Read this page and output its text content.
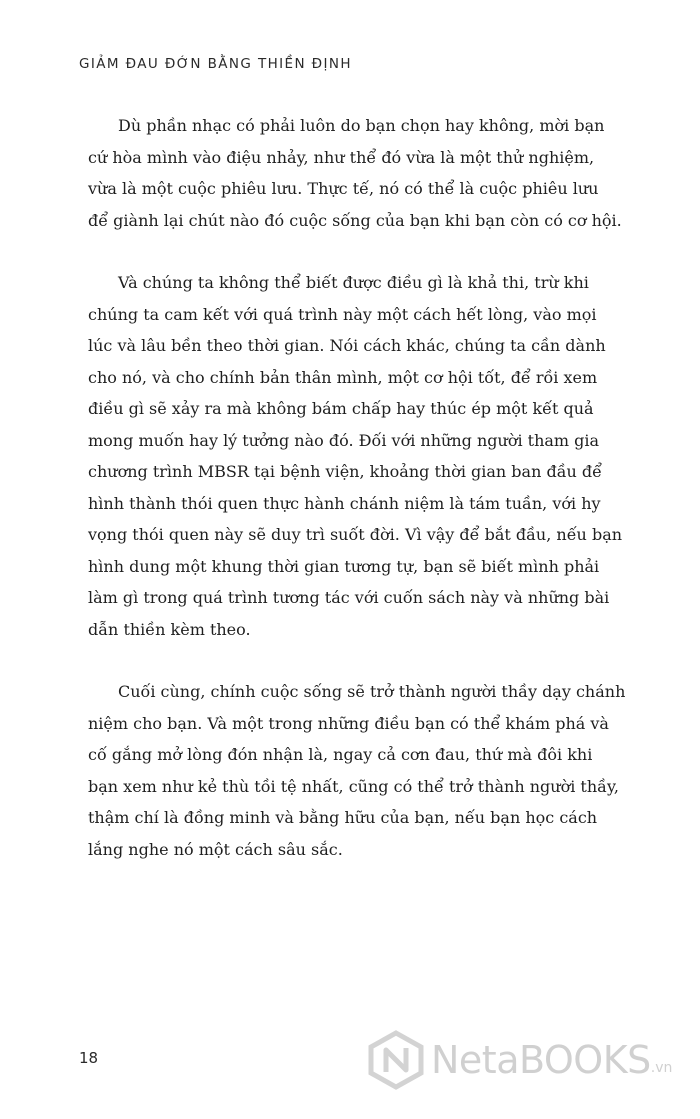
GIẢM ĐAU ĐỚN BẰNG THIỀN ĐỊNH

Dù phần nhạc có phải luôn do bạn chọn hay không, mời bạn
cứ hòa mình vào điệu nhảy, như thể đó vừa là một thử nghiệm,
vừa là một cuộc phiêu lưu. Thực tế, nó có thể là cuộc phiêu lưu
để giành lại chút nào đó cuộc sống của bạn khi bạn còn có cơ hội.

Và chúng ta không thể biết được điều gì là khả thi, trừ khi
chúng ta cam kết với quá trình này một cách hết lòng, vào mọi
lúc và lâu bền theo thời gian. Nói cách khác, chúng ta cần dành
cho nó, và cho chính bản thân mình, một cơ hội tốt, để rồi xem
điều gì sẽ xảy ra mà không bám chấp hay thúc ép một kết quả
mong muốn hay lý tưởng nào đó. Đối với những người tham gia
chương trình MBSR tại bệnh viện, khoảng thời gian ban đầu để
hình thành thói quen thực hành chánh niệm là tám tuần, với hy
vọng thói quen này sẽ duy trì suốt đời. Vì vậy để bắt đầu, nếu bạn
hình dung một khung thời gian tương tự, bạn sẽ biết mình phải
làm gì trong quá trình tương tác với cuốn sách này và những bài
dẫn thiền kèm theo.

Cuối cùng, chính cuộc sống sẽ trở thành người thầy dạy chánh
niệm cho bạn. Và một trong những điều bạn có thể khám phá và
cố gắng mở lòng đón nhận là, ngay cả cơn đau, thứ mà đôi khi
bạn xem như kẻ thù tồi tệ nhất, cũng có thể trở thành người thầy,
thậm chí là đồng minh và bằng hữu của bạn, nếu bạn học cách
lắng nghe nó một cách sâu sắc.

18	NetaBOOKS .vn
